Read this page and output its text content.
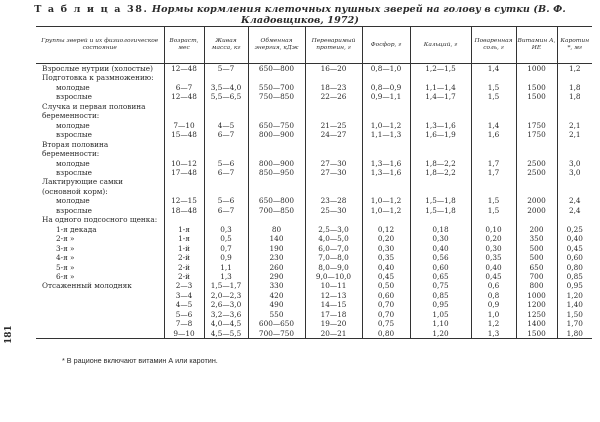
Т а б л и ц а 38. Нормы кормления клеточных пушных зверей на голову в сутки (В. Ф. Кладовщиков, 1972)
Группы зверей и их физиологическое состояние	Возраст, мес	Живая масса, кг	Обменная энергия, кДж	Переваримый протеин, г	Фосфор, г	Кальций, г	Поваренная соль, г	Витамин А, ИЕ	Каротин *, мг
Взрослые нутрии (холостые)	12—48	5—7	650—800	16—20	0,8—1,0	1,2—1,5	1,4	1000	1,2
Подготовка к размножению:									
молодые	6—7	3,5—4,0	550—700	18—23	0,8—0,9	1,1—1,4	1,5	1500	1,8
взрослые	12—48	5,5—6,5	750—850	22—26	0,9—1,1	1,4—1,7	1,5	1500	1,8
Случка и первая половина беременности:									
молодые	7—10	4—5	650—750	21—25	1,0—1,2	1,3—1,6	1,4	1750	2,1
взрослые	15—48	6—7	800—900	24—27	1,1—1,3	1,6—1,9	1,6	1750	2,1
Вторая половина беременности:									
молодые	10—12	5—6	800—900	27—30	1,3—1,6	1,8—2,2	1,7	2500	3,0
взрослые	17—48	6—7	850—950	27—30	1,3—1,6	1,8—2,2	1,7	2500	3,0
Лактирующие самки (основной корм):									
молодые	12—15	5—6	650—800	23—28	1,0—1,2	1,5—1,8	1,5	2000	2,4
взрослые	18—48	6—7	700—850	25—30	1,0—1,2	1,5—1,8	1,5	2000	2,4
На одного подсосного щенка:									
1-я декада	1-я	0,3	80	2,5—3,0	0,12	0,18	0,10	200	0,25
2-я »	1-я	0,5	140	4,0—5,0	0,20	0,30	0,20	350	0,40
3-я »	1-й	0,7	190	6,0—7,0	0,30	0,40	0,30	500	0,45
4-я »	2-й	0,9	230	7,0—8,0	0,35	0,56	0,35	500	0,60
5-я »	2-й	1,1	260	8,0—9,0	0,40	0,60	0,40	650	0,80
6-я »	2-й	1,3	290	9,0—10,0	0,45	0,65	0,45	700	0,85
Отсаженный молодняк	2—3	1,5—1,7	330	10—11	0,50	0,75	0,6	800	0,95
	3—4	2,0—2,3	420	12—13	0,60	0,85	0,8	1000	1,20
	4—5	2,6—3,0	490	14—15	0,70	0,95	0,9	1200	1,40
	5—6	3,2—3,6	550	17—18	0,70	1,05	1,0	1250	1,50
	7—8	4,0—4,5	600—650	19—20	0,75	1,10	1,2	1400	1,70
	9—10	4,5—5,5	700—750	20—21	0,80	1,20	1,3	1500	1,80
* В рационе включают витамин А или каротин.
181
